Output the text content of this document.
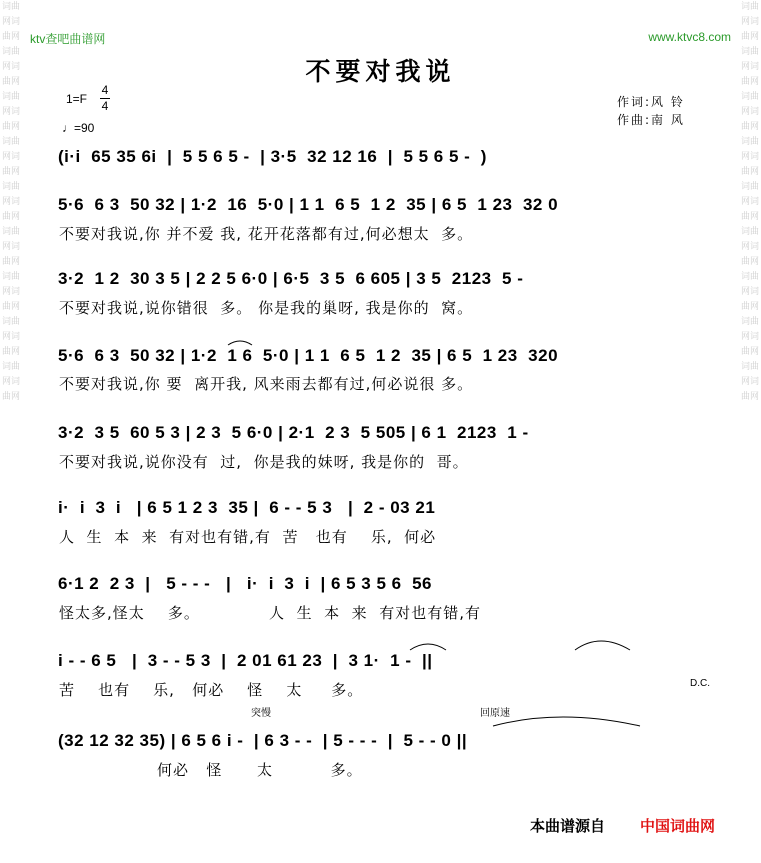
词曲网词曲网词曲网词曲网词曲网词曲网词曲网词曲网词曲网词曲网词曲网词曲网词曲网词曲网词曲网词曲网词曲网词曲网
词曲网词曲网词曲网词曲网词曲网词曲网词曲网词曲网词曲网词曲网词曲网词曲网词曲网词曲网词曲网词曲网词曲网词曲网
ktv查吧曲谱网	www.ktvc8.com
不要对我说
1=F
4
4
♩=90
作词:风 铃
作曲:南 风
(i·i  65 35 6i  |  5 5 6 5 -  | 3·5  32 12 16  |  5 5 6 5 -  )
5·6  6 3  50 32 | 1·2  16  5·0 | 1 1  6 5  1 2  35 | 6 5  1 23  32 0
不要对我说,你 并不爱 我, 花开花落都有过,何必想太  多。
3·2  1 2  30 3 5 | 2 2 5 6·0 | 6·5  3 5  6 605 | 3 5  2123  5 -
不要对我说,说你错很  多。 你是我的巢呀, 我是你的  窝。
5·6  6 3  50 32 | 1·2  1 6  5·0 | 1 1  6 5  1 2  35 | 6 5  1 23  320
不要对我说,你 要  离开我, 风来雨去都有过,何必说很 多。
3·2  3 5  60 5 3 | 2 3  5 6·0 | 2·1  2 3  5 505 | 6 1  2123  1 -
不要对我说,说你没有  过,  你是我的妹呀, 我是你的  哥。
i·  i  3  i   | 6 5 1 2 3  35 |  6 - - 5 3   |  2 - 03 21
人  生  本  来  有对也有错,有  苦   也有    乐,  何必
6·1 2  2 3  |   5 - - -   |   i·  i  3  i  | 6 5 3 5 6  56
怪太多,怪太    多。            人  生  本  来  有对也有错,有
i - - 6 5   |  3 - - 5 3  |  2 01 61 23  |  3 1·  1 -  ||
苦    也有    乐,   何必    怪    太     多。
(32 12 32 35) | 6 5 6 i -  | 6 3 - -  | 5 - - -  |  5 - - 0 ||
何必   怪      太          多。
突慢	回原速
D.C.
本曲谱源自 中国词曲网
